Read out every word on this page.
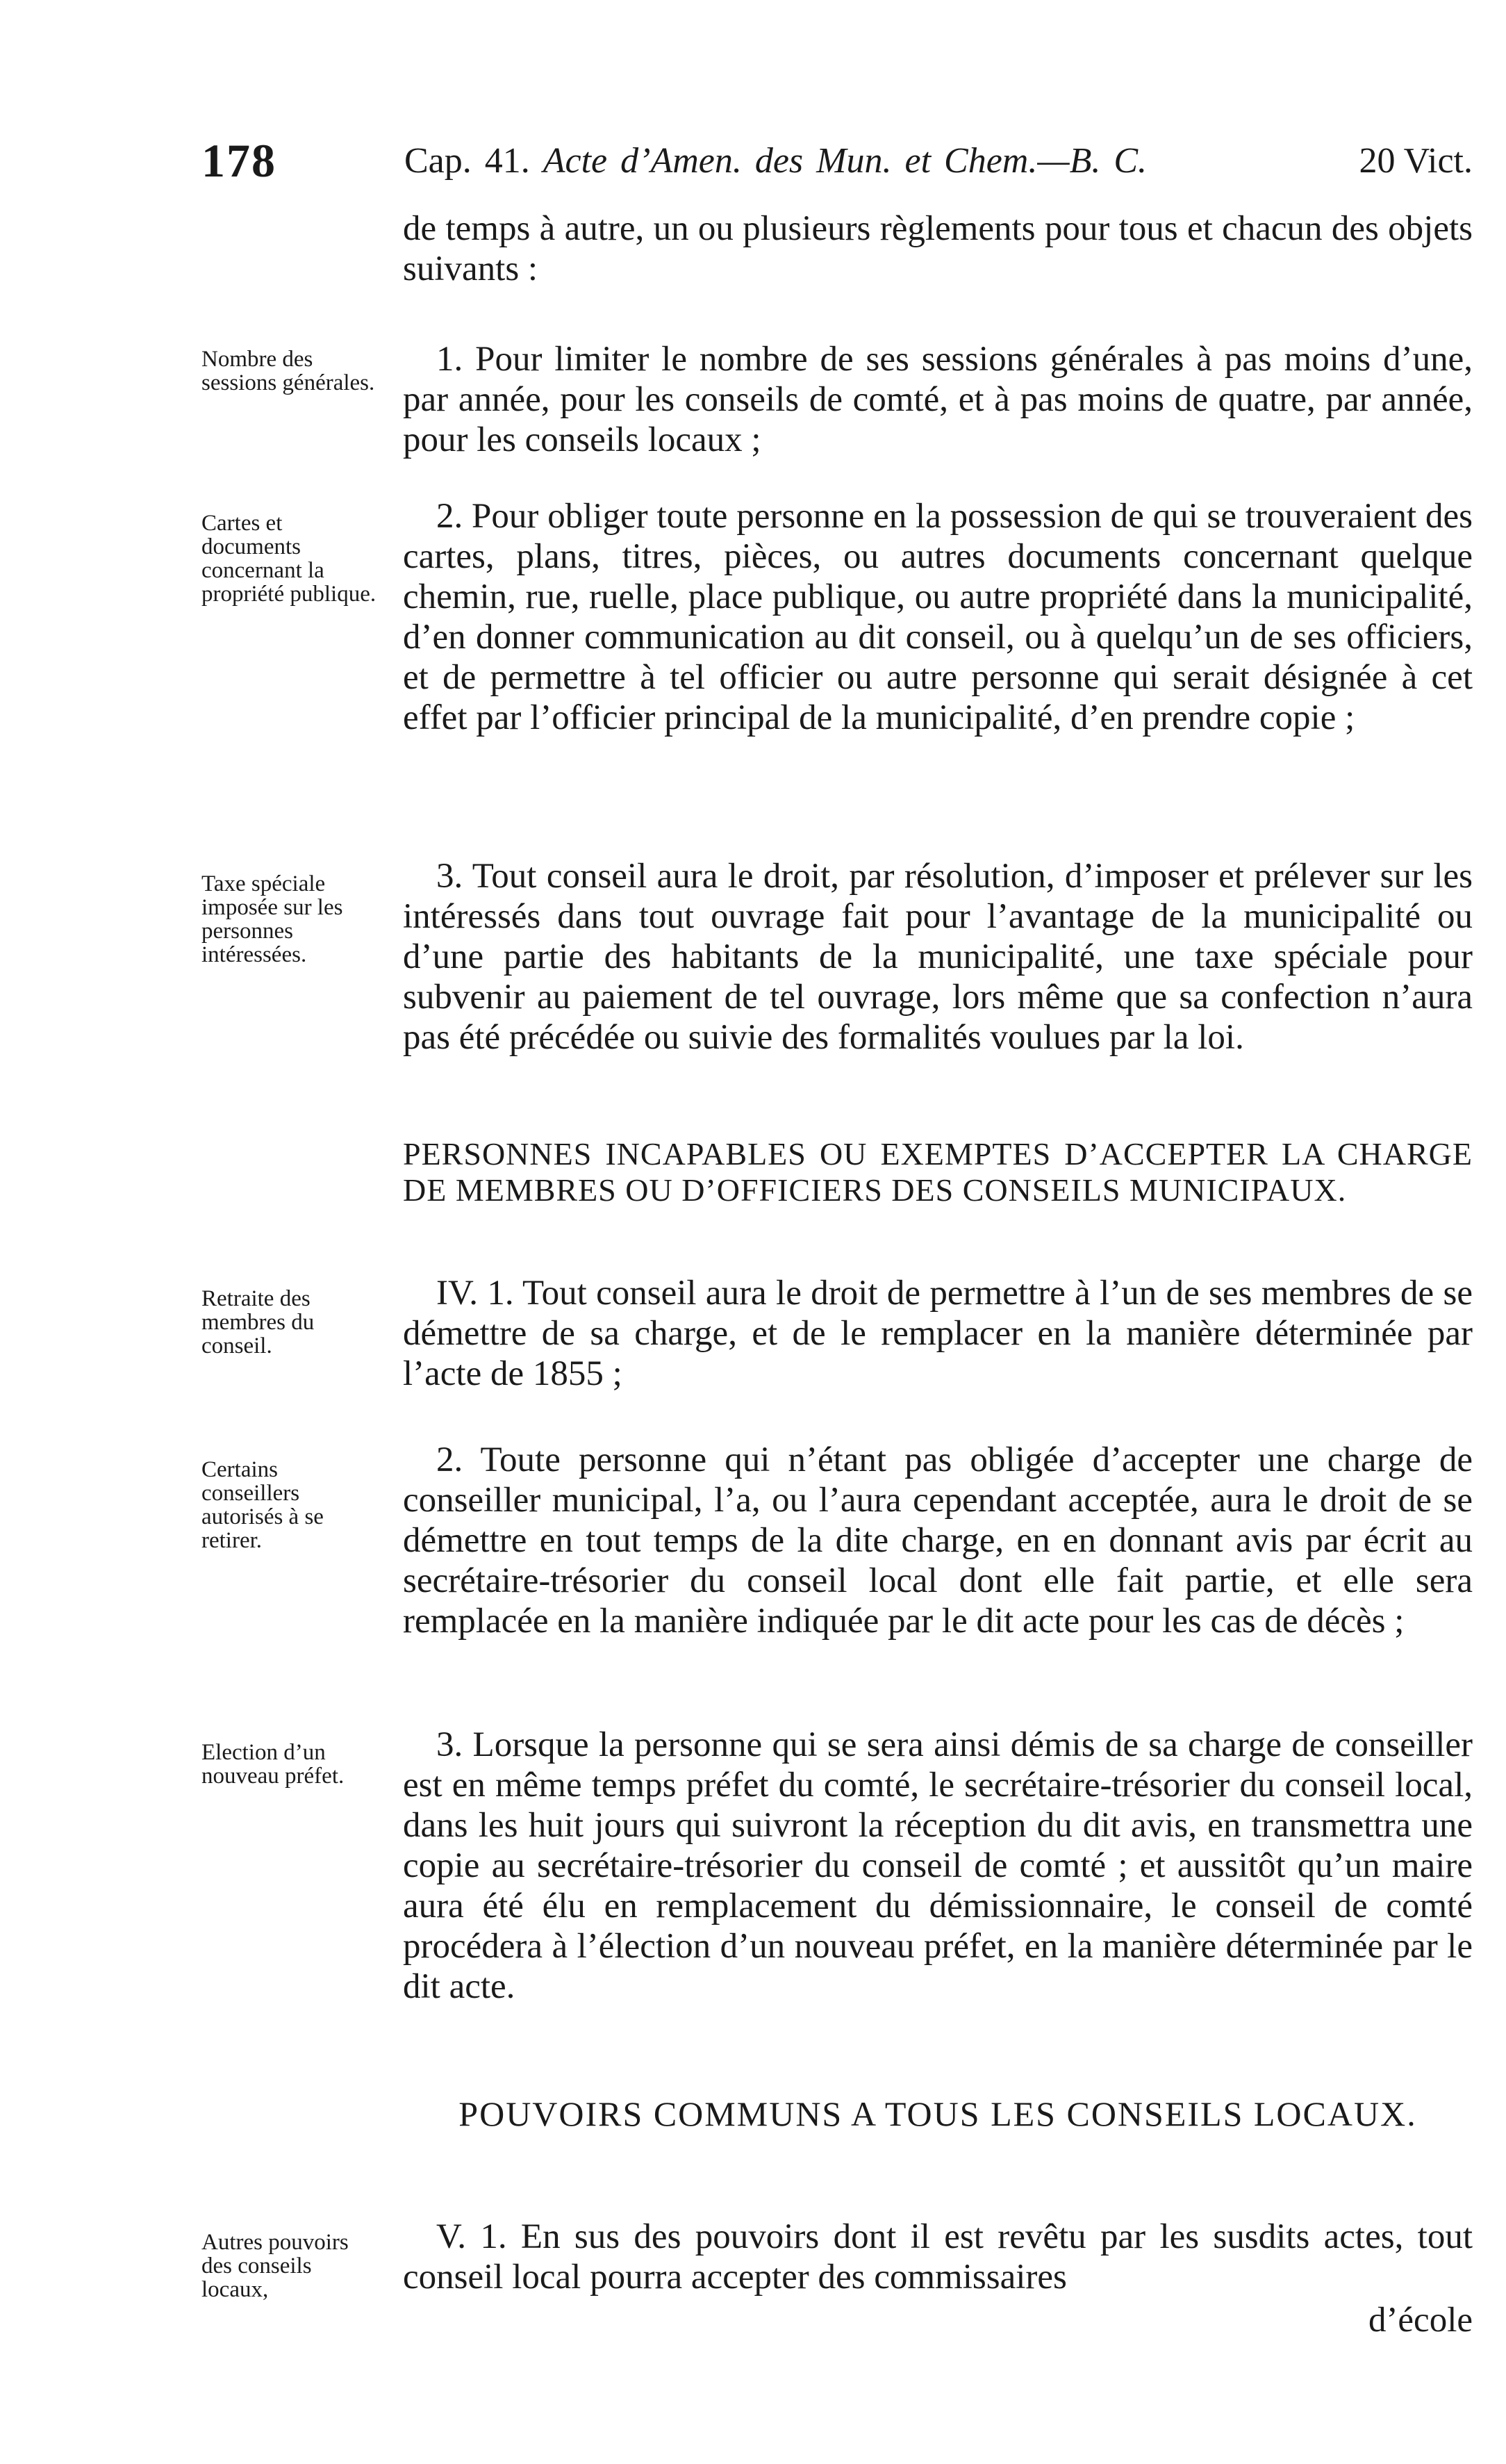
178	Cap. 41. Acte d’Amen. des Mun. et Chem.—B. C.	20 Vict.
de temps à autre, un ou plusieurs règlements pour tous et chacun des objets suivants :
Nombre des sessions générales.
1. Pour limiter le nombre de ses sessions générales à pas moins d’une, par année, pour les conseils de comté, et à pas moins de quatre, par année, pour les conseils locaux ;
Cartes et documents concernant la propriété publique.
2. Pour obliger toute personne en la possession de qui se trouveraient des cartes, plans, titres, pièces, ou autres documents concernant quelque chemin, rue, ruelle, place publique, ou autre propriété dans la municipalité, d’en donner communication au dit conseil, ou à quelqu’un de ses officiers, et de permettre à tel officier ou autre personne qui serait désignée à cet effet par l’officier principal de la municipalité, d’en prendre copie ;
Taxe spéciale imposée sur les personnes intéressées.
3. Tout conseil aura le droit, par résolution, d’imposer et prélever sur les intéressés dans tout ouvrage fait pour l’avantage de la municipalité ou d’une partie des habitants de la municipalité, une taxe spéciale pour subvenir au paiement de tel ouvrage, lors même que sa confection n’aura pas été précédée ou suivie des formalités voulues par la loi.
PERSONNES INCAPABLES OU EXEMPTES D’ACCEPTER LA CHARGE DE MEMBRES OU D’OFFICIERS DES CONSEILS MUNICIPAUX.
Retraite des membres du conseil.
IV. 1. Tout conseil aura le droit de permettre à l’un de ses membres de se démettre de sa charge, et de le remplacer en la manière déterminée par l’acte de 1855 ;
Certains conseillers autorisés à se retirer.
2. Toute personne qui n’étant pas obligée d’accepter une charge de conseiller municipal, l’a, ou l’aura cependant acceptée, aura le droit de se démettre en tout temps de la dite charge, en en donnant avis par écrit au secrétaire-trésorier du conseil local dont elle fait partie, et elle sera remplacée en la manière indiquée par le dit acte pour les cas de décès ;
Election d’un nouveau préfet.
3. Lorsque la personne qui se sera ainsi démis de sa charge de conseiller est en même temps préfet du comté, le secrétaire-trésorier du conseil local, dans les huit jours qui suivront la réception du dit avis, en transmettra une copie au secrétaire-trésorier du conseil de comté ; et aussitôt qu’un maire aura été élu en remplacement du démissionnaire, le conseil de comté procédera à l’élection d’un nouveau préfet, en la manière déterminée par le dit acte.
POUVOIRS COMMUNS A TOUS LES CONSEILS LOCAUX.
Autres pouvoirs des conseils locaux,
V. 1. En sus des pouvoirs dont il est revêtu par les susdits actes, tout conseil local pourra accepter des commissaires
d’école
